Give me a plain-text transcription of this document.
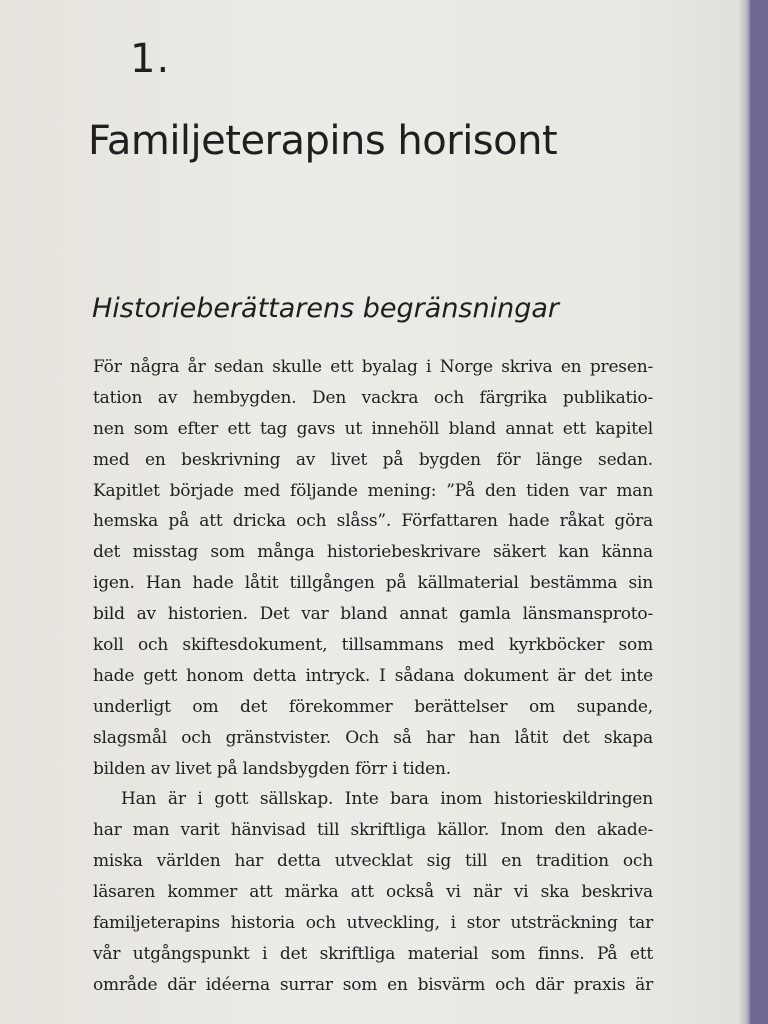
1.
Familjeterapins horisont
Historieberättarens begränsningar
För några år sedan skulle ett byalag i Norge skriva en presen-
tation av hembygden. Den vackra och färgrika publikatio-
nen som efter ett tag gavs ut innehöll bland annat ett kapitel
med en beskrivning av livet på bygden för länge sedan.
Kapitlet började med följande mening: ”På den tiden var man
hemska på att dricka och slåss”. Författaren hade råkat göra
det misstag som många historiebeskrivare säkert kan känna
igen. Han hade låtit tillgången på källmaterial bestämma sin
bild av historien. Det var bland annat gamla länsmansproto-
koll och skiftesdokument, tillsammans med kyrkböcker som
hade gett honom detta intryck. I sådana dokument är det inte
underligt om det förekommer berättelser om supande,
slagsmål och gränstvister. Och så har han låtit det skapa
bilden av livet på landsbygden förr i tiden.
Han är i gott sällskap. Inte bara inom historieskildringen
har man varit hänvisad till skriftliga källor. Inom den akade-
miska världen har detta utvecklat sig till en tradition och
läsaren kommer att märka att också vi när vi ska beskriva
familjeterapins historia och utveckling, i stor utsträckning tar
vår utgångspunkt i det skriftliga material som finns. På ett
område där idéerna surrar som en bisvärm och där praxis är
